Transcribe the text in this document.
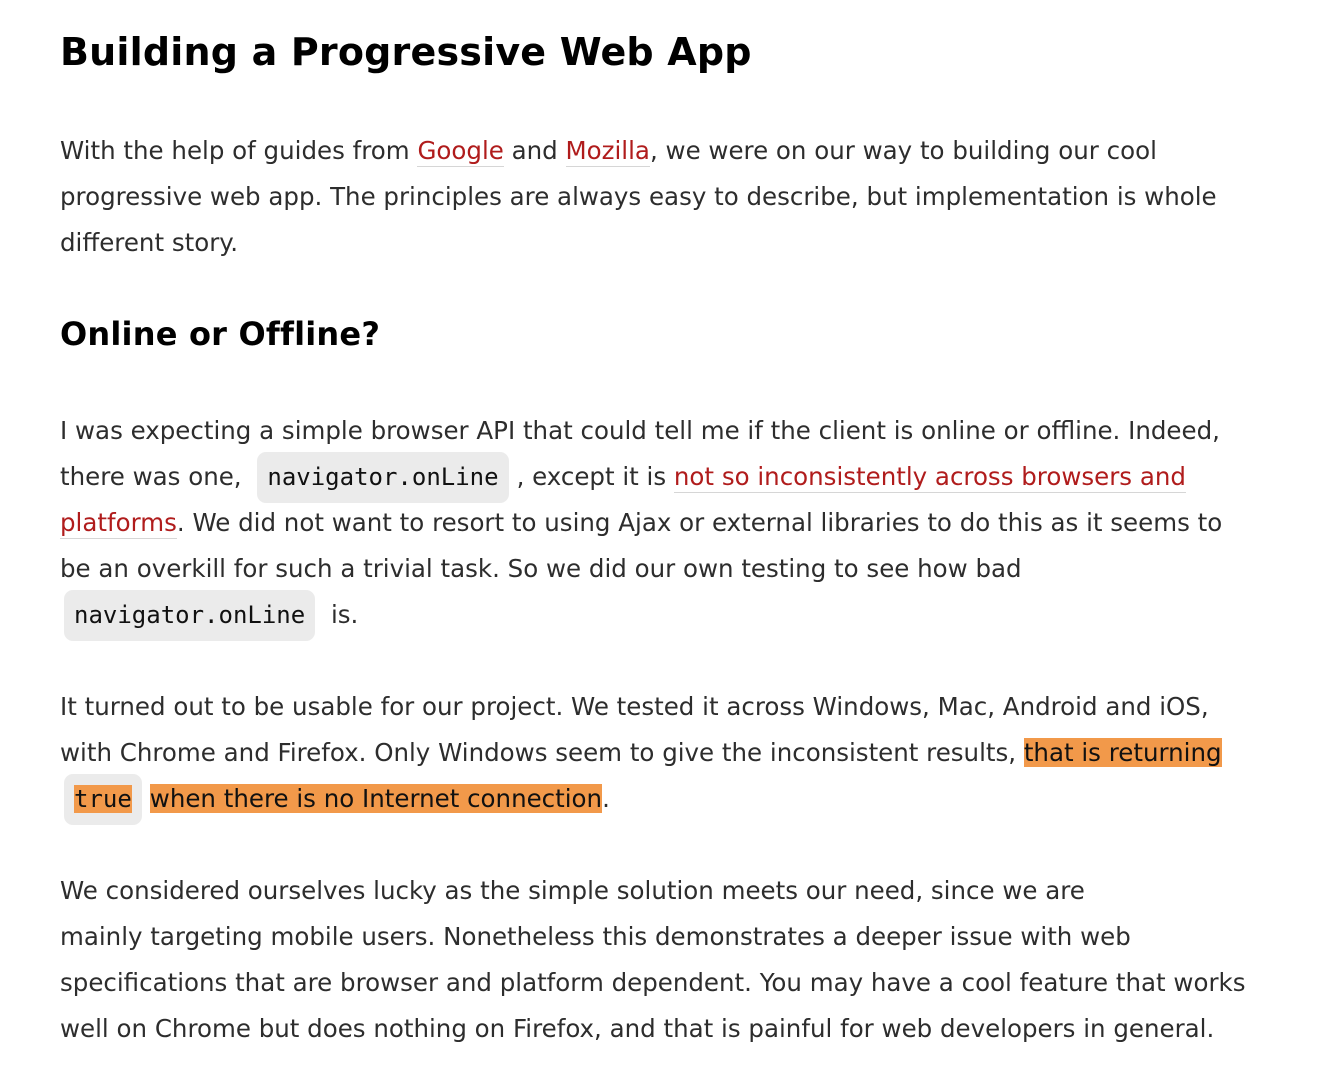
Building a Progressive Web App
With the help of guides from Google and Mozilla, we were on our way to building our cool
progressive web app. The principles are always easy to describe, but implementation is whole
different story.
Online or Offline?
I was expecting a simple browser API that could tell me if the client is online or offline. Indeed,
there was one, navigator.onLine , except it is not so inconsistently across browsers and
platforms. We did not want to resort to using Ajax or external libraries to do this as it seems to
be an overkill for such a trivial task. So we did our own testing to see how bad
navigator.onLine is.
It turned out to be usable for our project. We tested it across Windows, Mac, Android and iOS,
with Chrome and Firefox. Only Windows seem to give the inconsistent results, that is returning
true when there is no Internet connection.
We considered ourselves lucky as the simple solution meets our need, since we are
mainly targeting mobile users. Nonetheless this demonstrates a deeper issue with web
specifications that are browser and platform dependent. You may have a cool feature that works
well on Chrome but does nothing on Firefox, and that is painful for web developers in general.
